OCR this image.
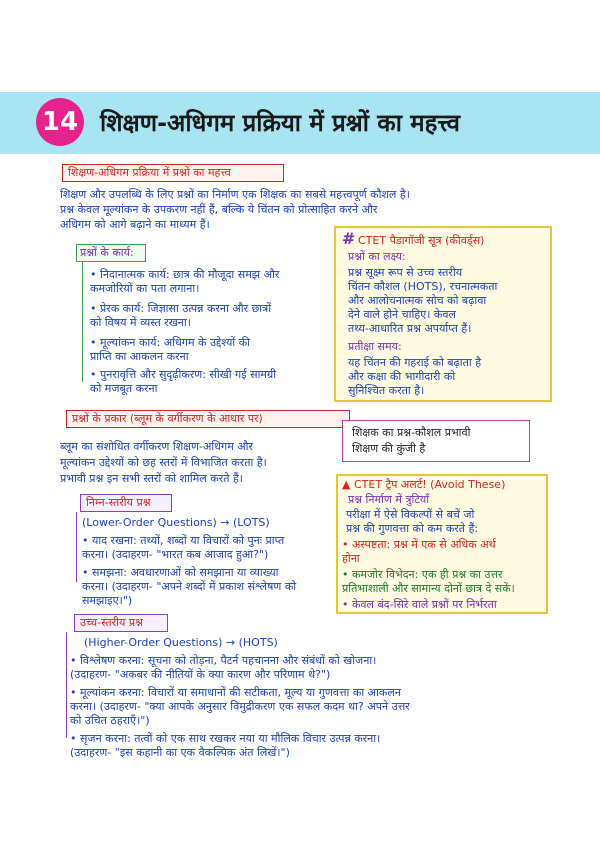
14 शिक्षण-अधिगम प्रक्रिया में प्रश्नों का महत्त्व
शिक्षण-अधिगम प्रक्रिया में प्रश्नों का महत्त्व
शिक्षण और उपलब्धि के लिए प्रश्नों का निर्माण एक शिक्षक का सबसे महत्त्वपूर्ण कौशल है।
प्रश्न केवल मूल्यांकन के उपकरण नहीं हैं, बल्कि ये चिंतन को प्रोत्साहित करने और
अधिगम को आगे बढ़ाने का माध्यम हैं।
प्रश्नों के कार्य:
• निदानात्मक कार्य: छात्र की मौजूदा समझ और
कमजोरियों का पता लगाना।
• प्रेरक कार्य: जिज्ञासा उत्पन्न करना और छात्रों
को विषय में व्यस्त रखना।
• मूल्यांकन कार्य: अधिगम के उद्देश्यों की
प्राप्ति का आकलन करना
• पुनरावृत्ति और सुदृढ़ीकरण: सीखी गई सामग्री
को मजबूत करना
# CTET पैडागॉजी सूत्र (कीवर्ड्स)
प्रश्नों का लक्ष्य:
प्रश्न सूक्ष्म रूप से उच्च स्तरीय
चिंतन कौशल (HOTS), रचनात्मकता
और आलोचनात्मक सोच को बढ़ावा
देने वाले होने चाहिए। केवल
तथ्य-आधारित प्रश्न अपर्याप्त हैं।
प्रतीक्षा समय:
यह चिंतन की गहराई को बढ़ाता है
और कक्षा की भागीदारी को
सुनिश्चित करता है।
प्रश्नों के प्रकार (ब्लूम के वर्गीकरण के आधार पर)
शिक्षक का प्रश्न-कौशल प्रभावी
शिक्षण की कुंजी है
ब्लूम का संशोधित वर्गीकरण शिक्षण-अधिगम और
मूल्यांकन उद्देश्यों को छह स्तरों में विभाजित करता है।
प्रभावी प्रश्न इन सभी स्तरों को शामिल करते हैं।
निम्न-स्तरीय प्रश्न
(Lower-Order Questions) → (LOTS)
• याद रखना: तथ्यों, शब्दों या विचारों को पुनः प्राप्त
करना। (उदाहरण- "भारत कब आजाद हुआ?")
• समझना: अवधारणाओं को समझाना या व्याख्या
करना। (उदाहरण- "अपने शब्दों में प्रकाश संश्लेषण को
समझाइए।")
▲ CTET ट्रैप अलर्ट! (Avoid These)
प्रश्न निर्माण में त्रुटियाँ
परीक्षा में ऐसे विकल्पों से बचें जो
प्रश्न की गुणवत्ता को कम करते हैं:
• अस्पष्टता: प्रश्न में एक से अधिक अर्थ
होना
• कमजोर विभेदन: एक ही प्रश्न का उत्तर
प्रतिभाशाली और सामान्य दोनों छात्र दे सकें।
• केवल बंद-सिरे वाले प्रश्नों पर निर्भरता
उच्च-स्तरीय प्रश्न
(Higher-Order Questions) → (HOTS)
• विश्लेषण करना: सूचना को तोड़ना, पैटर्न पहचानना और संबंधों को खोजना।
(उदाहरण- "अकबर की नीतियों के क्या कारण और परिणाम थे?")
• मूल्यांकन करना: विचारों या समाधानों की सटीकता, मूल्य या गुणवत्ता का आकलन
करना। (उदाहरण- "क्या आपके अनुसार विमुद्रीकरण एक सफल कदम था? अपने उत्तर
को उचित ठहराएँ।")
• सृजन करना: तत्वों को एक साथ रखकर नया या मौलिक विचार उत्पन्न करना।
(उदाहरण- "इस कहानी का एक वैकल्पिक अंत लिखें।")
